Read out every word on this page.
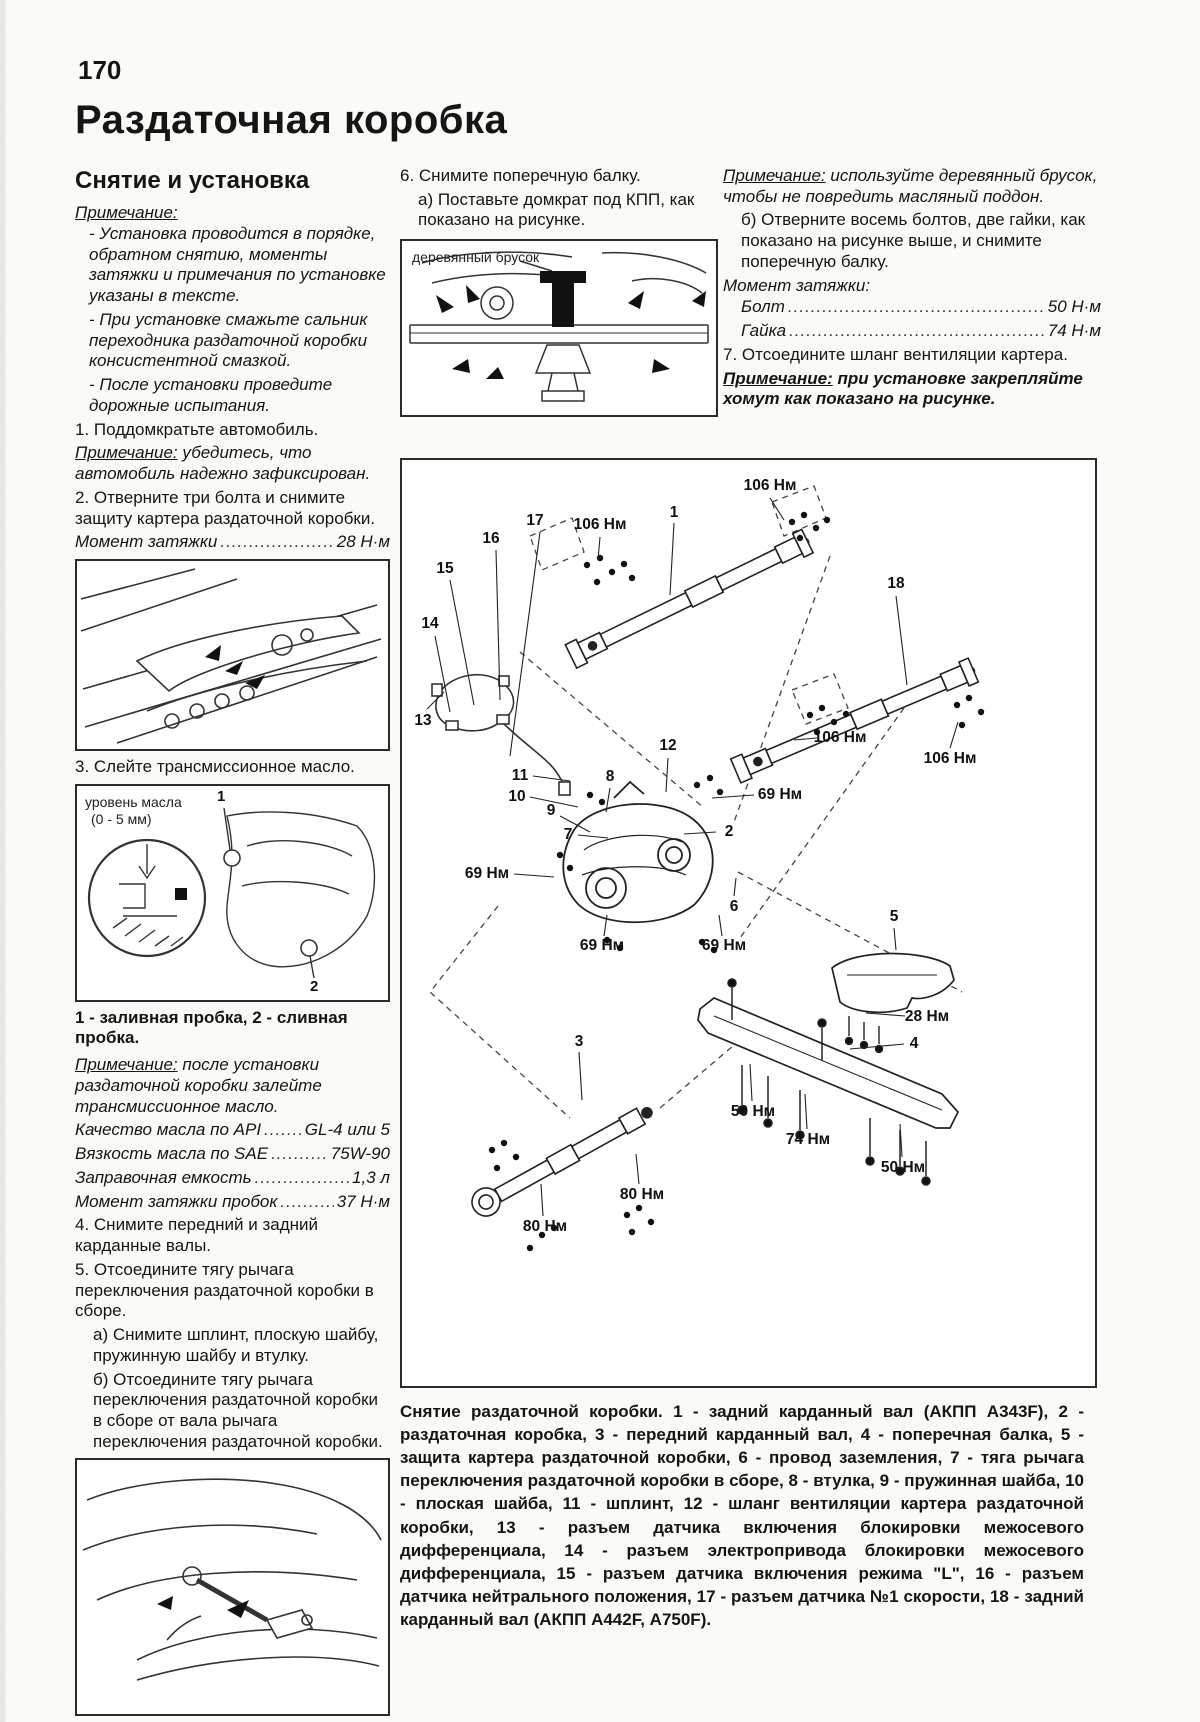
170
Раздаточная коробка
Снятие и установка
Примечание:
- Установка проводится в порядке, обратном снятию, моменты затяжки и примечания по установке указаны в тексте.
- При установке смажьте сальник переходника раздаточной коробки консистентной смазкой.
- После установки проведите дорожные испытания.

1. Поддомкратьте автомобиль.

Примечание: убедитесь, что автомобиль надежно зафиксирован.

2. Отверните три болта и снимите защиту картера раздаточной коробки.

Момент затяжки .....	28 Н·м

3. Слейте трансмиссионное масло.

уровень масла
(0 - 5 мм)
1
2

1 - заливная пробка, 2 - сливная пробка.

Примечание: после установки раздаточной коробки залейте трансмиссионное масло.

Качество масла по API .....	GL-4 или 5
Вязкость масла по SAE .....	75W-90
Заправочная емкость .....	1,3 л
Момент затяжки пробок .....	37 Н·м

4. Снимите передний и задний карданные валы.

5. Отсоедините тягу рычага переключения раздаточной коробки в сборе.

а) Снимите шплинт, плоскую шайбу, пружинную шайбу и втулку.

б) Отсоедините тягу рычага переключения раздаточной коробки в сборе от вала рычага переключения раздаточной коробки.

6. Снимите поперечную балку.

а) Поставьте домкрат под КПП, как показано на рисунке.

деревянный брусок

Примечание: используйте деревянный брусок, чтобы не повредить масляный поддон.

б) Отверните восемь болтов, две гайки, как показано на рисунке выше, и снимите поперечную балку.

Момент затяжки:

Болт .....	50 Н·м
Гайка .....	74 Н·м

7. Отсоедините шланг вентиляции картера.

Примечание: при установке закрепляйте хомут как показано на рисунке.

106 Нм
106 Нм
1
17
16
15
14
13
18
106 Нм
106 Нм
12
11
10
9
8
69 Нм
2
7
69 Нм
6
5
69 Нм	69 Нм
28 Нм
4
3
50 Нм
74 Нм
50 Нм
80 Нм
80 Нм

Снятие раздаточной коробки. 1 - задний карданный вал (АКПП А343F), 2 - раздаточная коробка, 3 - передний карданный вал, 4 - поперечная балка, 5 - защита картера раздаточной коробки, 6 - провод заземления, 7 - тяга рычага переключения раздаточной коробки в сборе, 8 - втулка, 9 - пружинная шайба, 10 - плоская шайба, 11 - шплинт, 12 - шланг вентиляции картера раздаточной коробки, 13 - разъем датчика включения блокировки межосевого дифференциала, 14 - разъем электропривода блокировки межосевого дифференциала, 15 - разъем датчика включения режима "L", 16 - разъем датчика нейтрального положения, 17 - разъем датчика №1 скорости, 18 - задний карданный вал (АКПП А442F, А750F).
